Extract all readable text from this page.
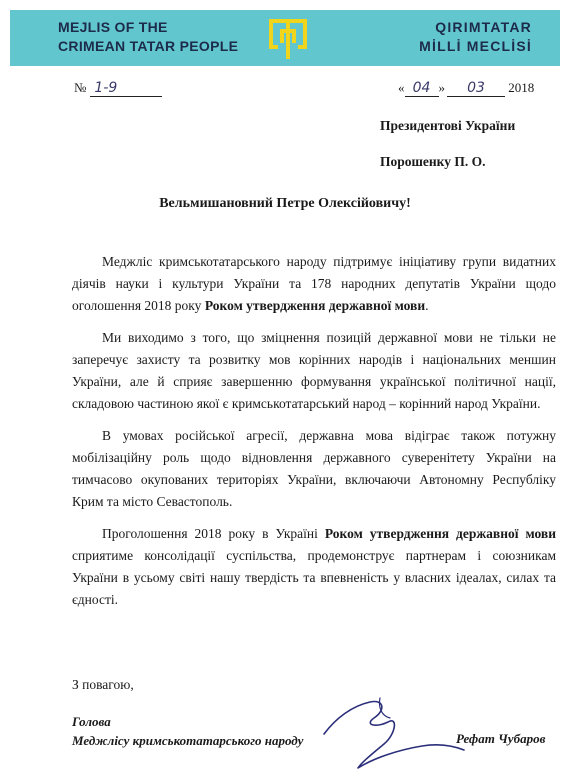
MEJLIS OF THE
CRIMEAN TATAR PEOPLE
QIRIMTATAR
MİLLİ MECLİSİ
№ 1-9	« 04 » 03 2018
Президентові України
Порошенку П. О.
Вельмишановний Петре Олексійовичу!

Меджліс кримськотатарського народу підтримує ініціативу групи видатних діячів науки і культури України та 178 народних депутатів України щодо оголошення 2018 року Роком утвердження державної мови.

Ми виходимо з того, що зміцнення позицій державної мови не тільки не заперечує захисту та розвитку мов корінних народів і національних меншин України, але й сприяє завершенню формування української політичної нації, складовою частиною якої є кримськотатарський народ – корінний народ України.

В умовах російської агресії, державна мова відіграє також потужну мобілізаційну роль щодо відновлення державного суверенітету України на тимчасово окупованих територіях України, включаючи Автономну Республіку Крим та місто Севастополь.

Проголошення 2018 року в Україні Роком утвердження державної мови сприятиме консолідації суспільства, продемонструє партнерам і союзникам України в усьому світі нашу твердість та впевненість у власних ідеалах, силах та єдності.

З повагою,
Голова
Меджлісу кримськотатарського народу	Рефат Чубаров
